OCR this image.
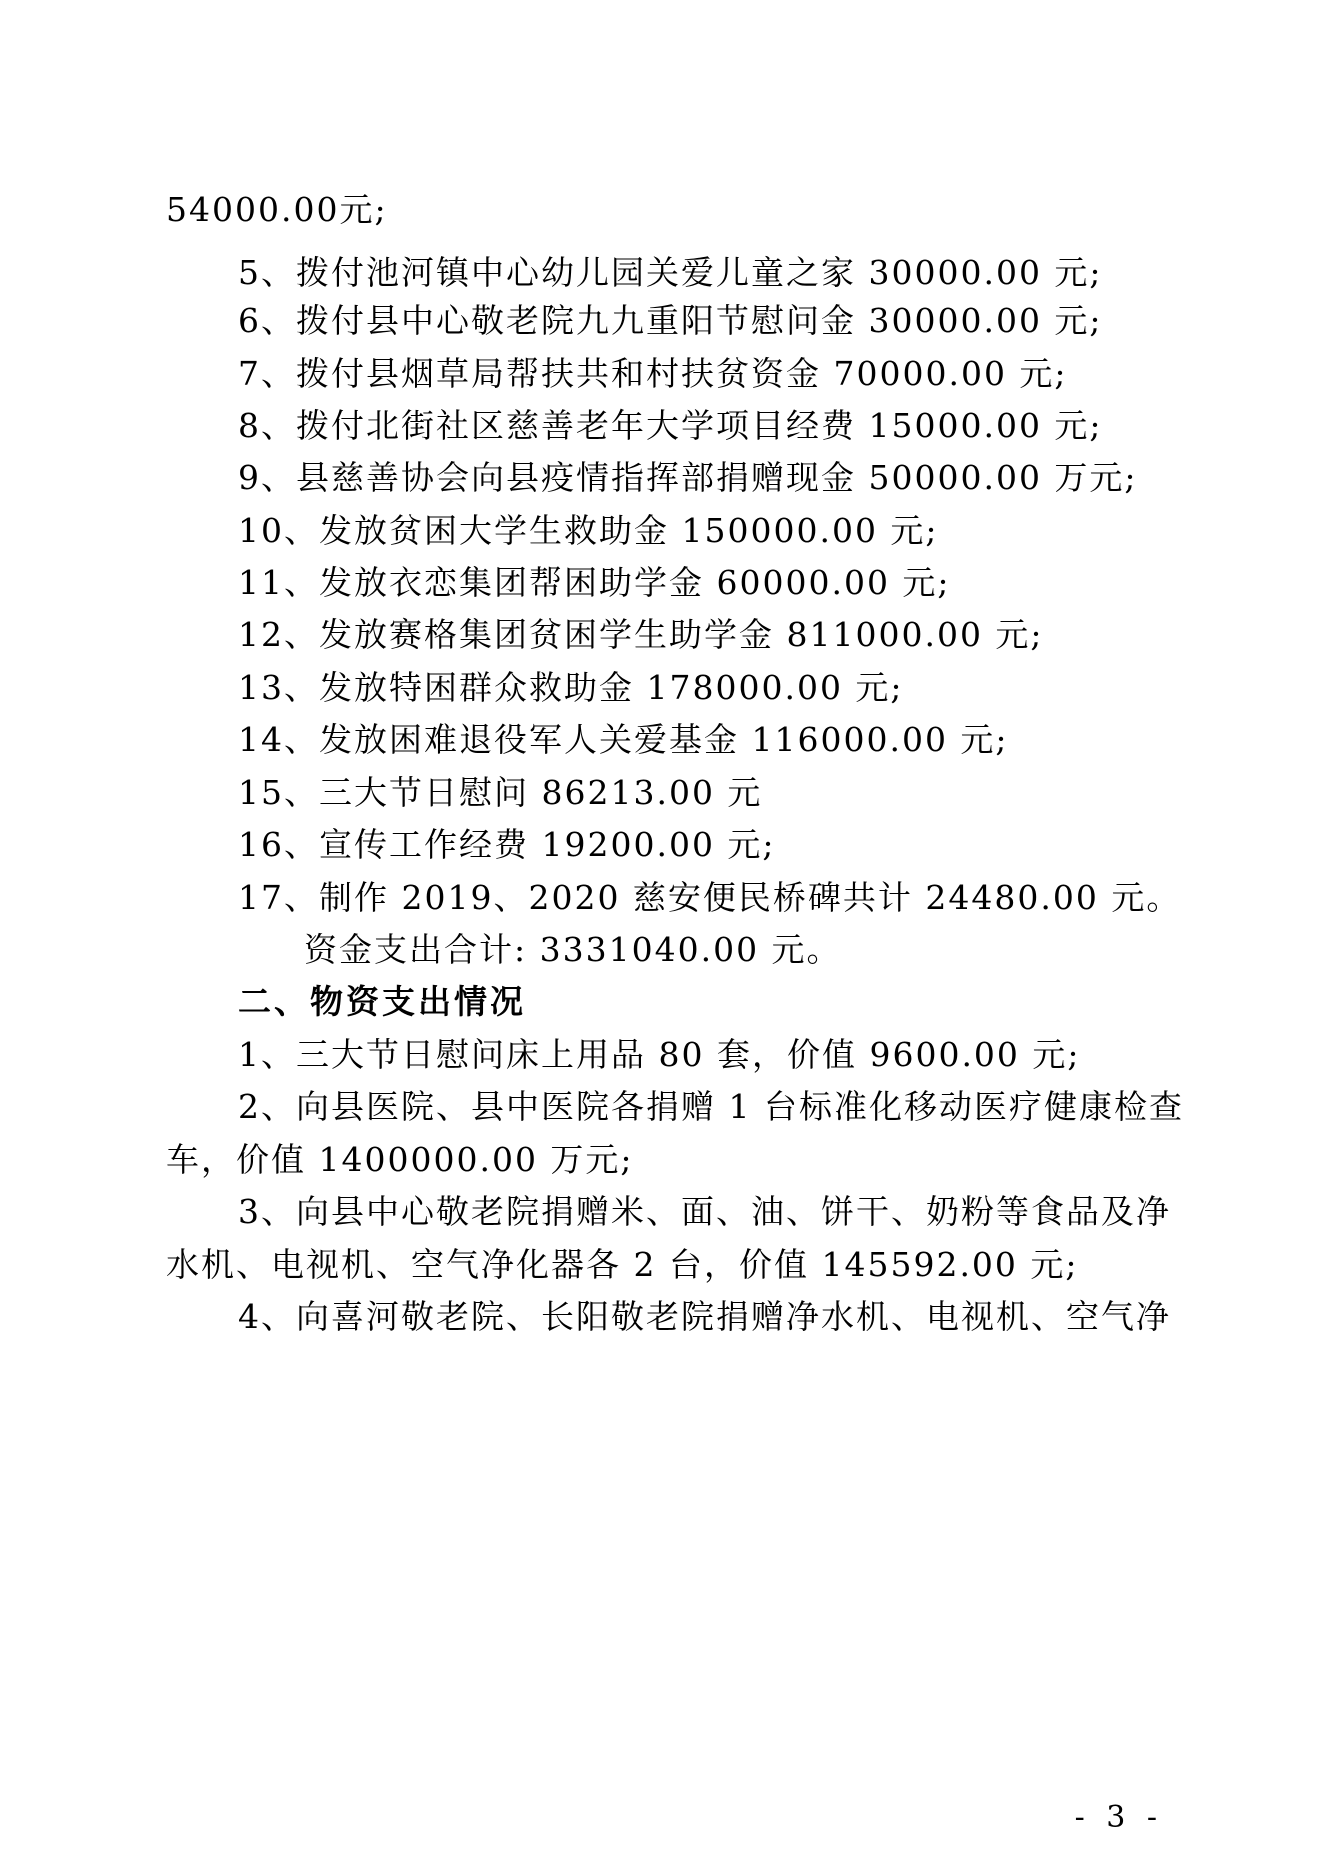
54000.00元;
5、拨付池河镇中心幼儿园关爱儿童之家 30000.00 元;
6、拨付县中心敬老院九九重阳节慰问金 30000.00 元;
7、拨付县烟草局帮扶共和村扶贫资金 70000.00 元;
8、拨付北街社区慈善老年大学项目经费 15000.00 元;
9、县慈善协会向县疫情指挥部捐赠现金 50000.00 万元;
10、发放贫困大学生救助金 150000.00 元;
11、发放衣恋集团帮困助学金 60000.00 元;
12、发放赛格集团贫困学生助学金 811000.00 元;
13、发放特困群众救助金 178000.00 元;
14、发放困难退役军人关爱基金 116000.00 元;
15、三大节日慰问 86213.00 元
16、宣传工作经费 19200.00 元;
17、制作 2019、2020 慈安便民桥碑共计 24480.00 元。
资金支出合计: 3331040.00 元。
二、物资支出情况
1、三大节日慰问床上用品 80 套，价值 9600.00 元;
2、向县医院、县中医院各捐赠 1 台标准化移动医疗健康检查
车，价值 1400000.00 万元;
3、向县中心敬老院捐赠米、面、油、饼干、奶粉等食品及净
水机、电视机、空气净化器各 2 台，价值 145592.00 元;
4、向喜河敬老院、长阳敬老院捐赠净水机、电视机、空气净
- 3 -
